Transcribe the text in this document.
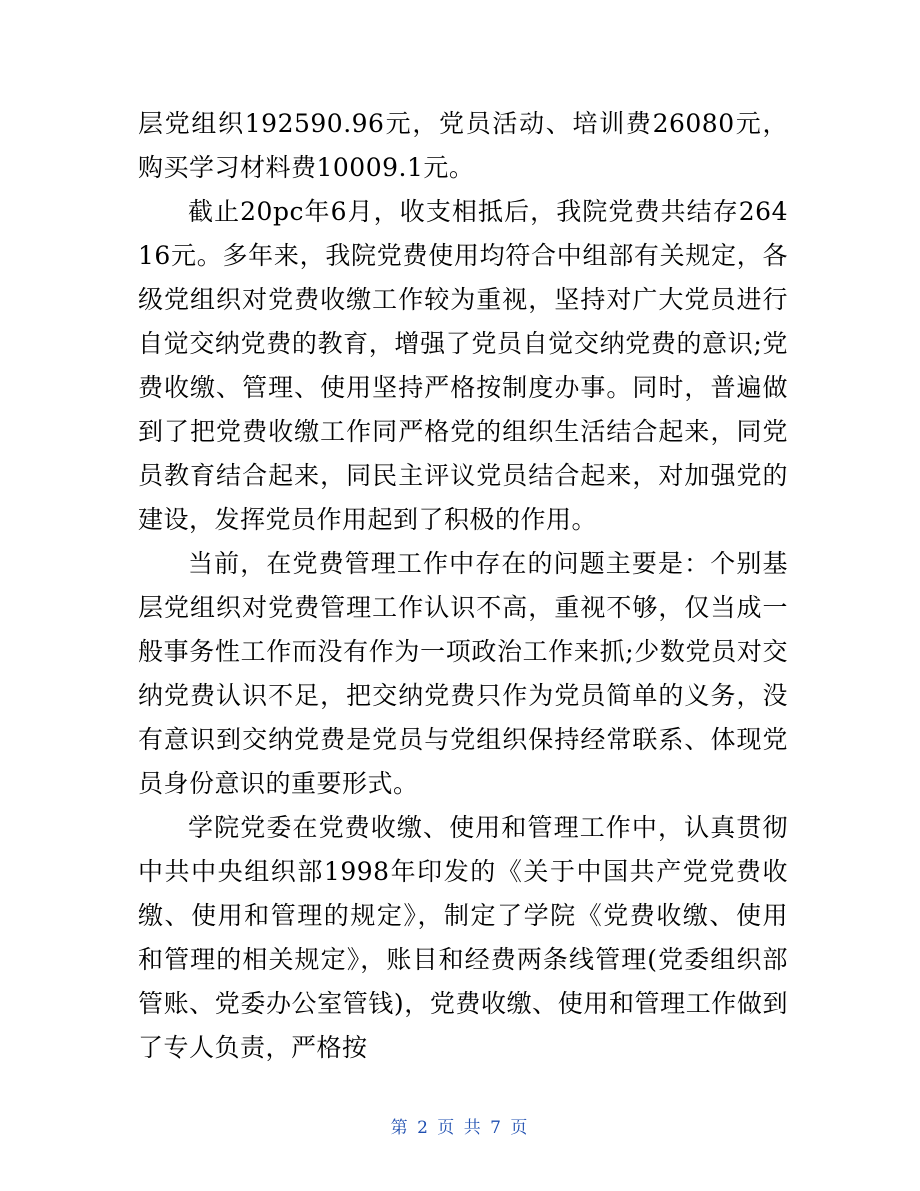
层党组织192590.96元，党员活动、培训费26080元，购买学习材料费10009.1元。

截止20pc年6月，收支相抵后，我院党费共结存26416元。多年来，我院党费使用均符合中组部有关规定，各级党组织对党费收缴工作较为重视，坚持对广大党员进行自觉交纳党费的教育，增强了党员自觉交纳党费的意识;党费收缴、管理、使用坚持严格按制度办事。同时，普遍做到了把党费收缴工作同严格党的组织生活结合起来，同党员教育结合起来，同民主评议党员结合起来，对加强党的建设，发挥党员作用起到了积极的作用。

当前，在党费管理工作中存在的问题主要是：个别基层党组织对党费管理工作认识不高，重视不够，仅当成一般事务性工作而没有作为一项政治工作来抓;少数党员对交纳党费认识不足，把交纳党费只作为党员简单的义务，没有意识到交纳党费是党员与党组织保持经常联系、体现党员身份意识的重要形式。

学院党委在党费收缴、使用和管理工作中，认真贯彻中共中央组织部1998年印发的《关于中国共产党党费收缴、使用和管理的规定》，制定了学院《党费收缴、使用和管理的相关规定》，账目和经费两条线管理(党委组织部管账、党委办公室管钱)，党费收缴、使用和管理工作做到了专人负责，严格按

第 2 页 共 7 页
